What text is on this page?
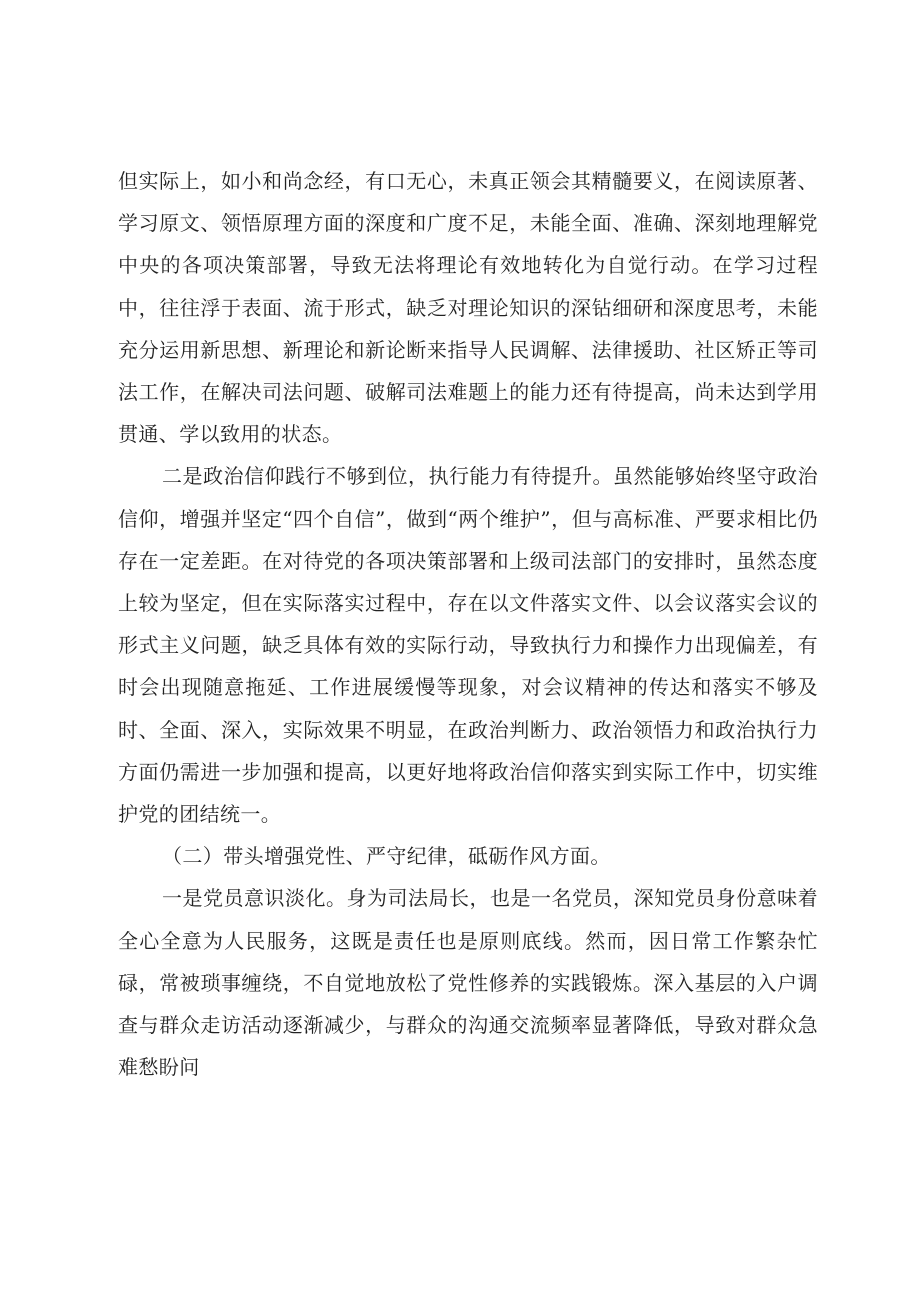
但实际上，如小和尚念经，有口无心，未真正领会其精髓要义，在阅读原著、学习原文、领悟原理方面的深度和广度不足，未能全面、准确、深刻地理解党中央的各项决策部署，导致无法将理论有效地转化为自觉行动。在学习过程中，往往浮于表面、流于形式，缺乏对理论知识的深钻细研和深度思考，未能充分运用新思想、新理论和新论断来指导人民调解、法律援助、社区矫正等司法工作，在解决司法问题、破解司法难题上的能力还有待提高，尚未达到学用贯通、学以致用的状态。

二是政治信仰践行不够到位，执行能力有待提升。虽然能够始终坚守政治信仰，增强并坚定“四个自信”，做到“两个维护”，但与高标准、严要求相比仍存在一定差距。在对待党的各项决策部署和上级司法部门的安排时，虽然态度上较为坚定，但在实际落实过程中，存在以文件落实文件、以会议落实会议的形式主义问题，缺乏具体有效的实际行动，导致执行力和操作力出现偏差，有时会出现随意拖延、工作进展缓慢等现象，对会议精神的传达和落实不够及时、全面、深入，实际效果不明显，在政治判断力、政治领悟力和政治执行力方面仍需进一步加强和提高，以更好地将政治信仰落实到实际工作中，切实维护党的团结统一。

（二）带头增强党性、严守纪律，砥砺作风方面。

一是党员意识淡化。身为司法局长，也是一名党员，深知党员身份意味着全心全意为人民服务，这既是责任也是原则底线。然而，因日常工作繁杂忙碌，常被琐事缠绕，不自觉地放松了党性修养的实践锻炼。深入基层的入户调查与群众走访活动逐渐减少，与群众的沟通交流频率显著降低，导致对群众急难愁盼问
